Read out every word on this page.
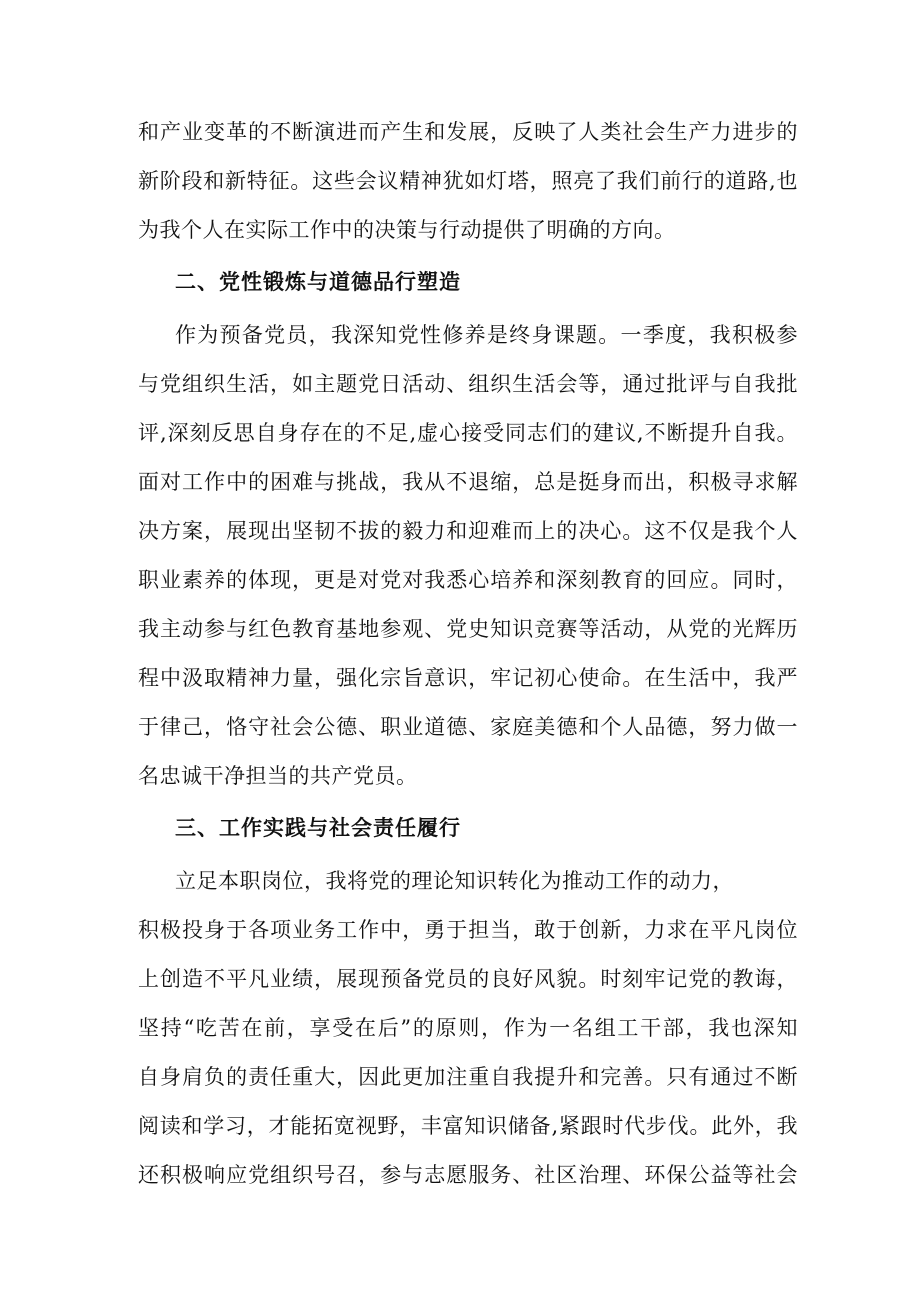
和产业变革的不断演进而产生和发展，反映了人类社会生产力进步的
新阶段和新特征。这些会议精神犹如灯塔，照亮了我们前行的道路,也
为我个人在实际工作中的决策与行动提供了明确的方向。
二、党性锻炼与道德品行塑造
作为预备党员，我深知党性修养是终身课题。一季度，我积极参
与党组织生活，如主题党日活动、组织生活会等，通过批评与自我批
评,深刻反思自身存在的不足,虚心接受同志们的建议,不断提升自我。
面对工作中的困难与挑战，我从不退缩，总是挺身而出，积极寻求解
决方案，展现出坚韧不拔的毅力和迎难而上的决心。这不仅是我个人
职业素养的体现，更是对党对我悉心培养和深刻教育的回应。同时，
我主动参与红色教育基地参观、党史知识竞赛等活动，从党的光辉历
程中汲取精神力量，强化宗旨意识，牢记初心使命。在生活中，我严
于律己，恪守社会公德、职业道德、家庭美德和个人品德，努力做一
名忠诚干净担当的共产党员。
三、工作实践与社会责任履行
立足本职岗位，我将党的理论知识转化为推动工作的动力，
积极投身于各项业务工作中，勇于担当，敢于创新，力求在平凡岗位
上创造不平凡业绩，展现预备党员的良好风貌。时刻牢记党的教诲，
坚持“吃苦在前，享受在后”的原则，作为一名组工干部，我也深知
自身肩负的责任重大，因此更加注重自我提升和完善。只有通过不断
阅读和学习，才能拓宽视野，丰富知识储备,紧跟时代步伐。此外，我
还积极响应党组织号召，参与志愿服务、社区治理、环保公益等社会
